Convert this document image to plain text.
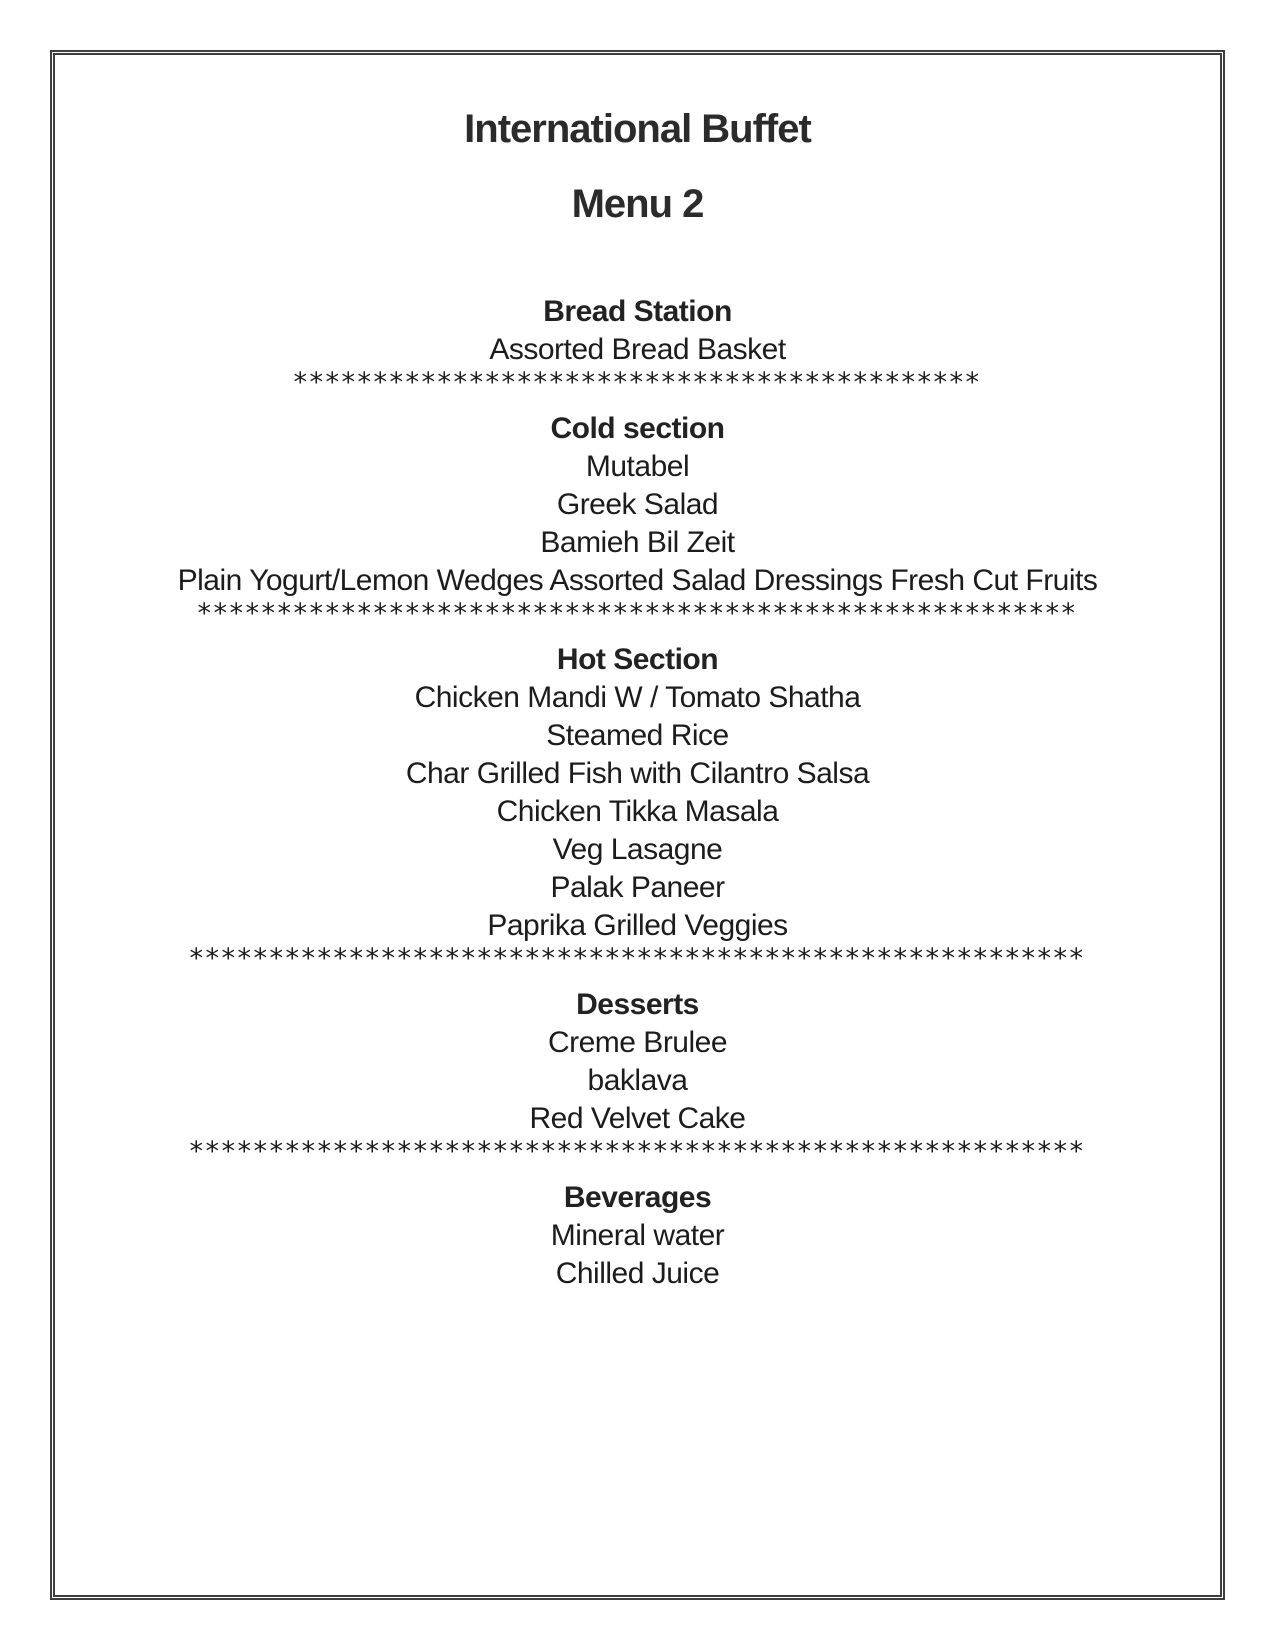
International Buffet
Menu 2
Bread Station
Assorted Bread Basket
*******************************************
Cold section
Mutabel
Greek Salad
Bamieh Bil Zeit
Plain Yogurt/Lemon Wedges Assorted Salad Dressings Fresh Cut Fruits
*******************************************************
Hot Section
Chicken Mandi W / Tomato Shatha
Steamed Rice
Char Grilled Fish with Cilantro Salsa
Chicken Tikka Masala
Veg Lasagne
Palak Paneer
Paprika Grilled Veggies
********************************************************
Desserts
Creme Brulee
baklava
Red Velvet Cake
********************************************************
Beverages
Mineral water
Chilled Juice
